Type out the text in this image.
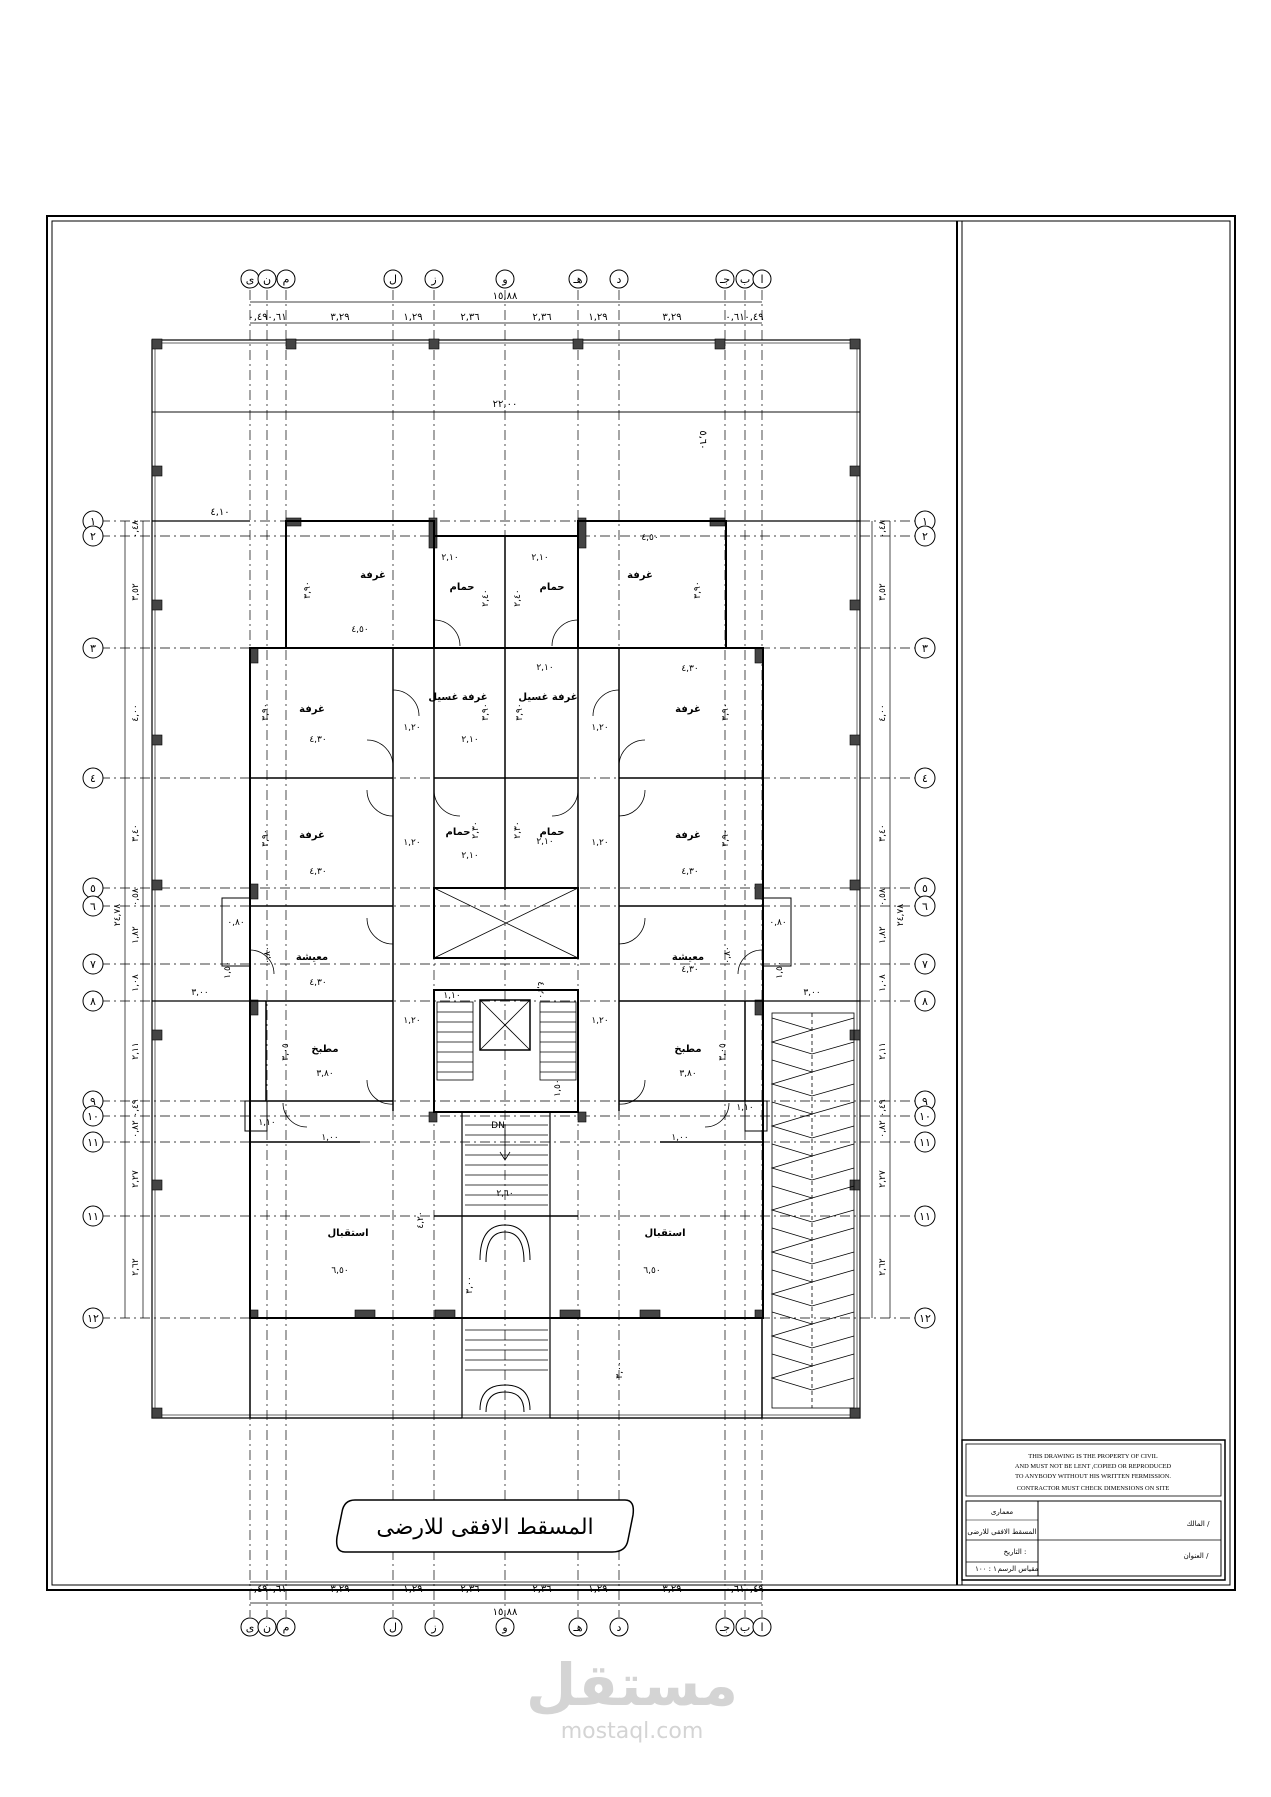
ى ن م	ل	ز	و	هـ	د	جـ ب ا
ى ن م	ل	ز	و	هـ	د	جـ ب ا
١٥,٨٨
٠,٤٩ ٠,٦١	٣,٢٩	١,٢٩	٢,٣٦	٢,٣٦	١,٢٩	٣,٢٩	٠,٦١ ٠,٤٩
٢٢,٠٠
١٥,٨٨
٠,٤٩ ٠,٦١	٣,٢٩	١,٢٩	٢,٣٦	٢,٣٦	١,٢٩	٣,٢٩	٠,٦١ ٠,٤٩
٥,٦٠
٤,١٠
١
٢
٣
٤
٥
٦
٧
٨
٩
١٠
١١
١١
١٢
١
٢
٣
٤
٥
٦
٧
٨
٩
١٠
١١
١١
١٢
٠,٤٨
٣,٥٢
٤,٠٠
٣,٤٠
٠,٥٨
١,٨٢
١,٠٨
٢,١١
٠,٤٩
٠,٨٢
٢,٢٧
٢,٦٢
٢٤,٧٨
٠,٤٨
٣,٥٢
٤,٠٠
٣,٤٠
٠,٥٨
١,٨٢
١,٠٨
٢,١١
٠,٤٩
٠,٨٢
٢,٢٧
٢,٦٢
٢٤,٧٨
غرفة	غرفة
حمام	حمام
غرفة	غرفة
غرفة غسيل	غرفة غسيل
غرفة	غرفة
حمام	حمام
معيشة	معيشة
مطبخ	مطبخ
استقبال	استقبال
٤,٥٠
٤,٥٠
٣,٩٠	٣,٩٠
٢,١٠	٢,١٠
٢,٤٠ ٢,٤٠
٤,٣٠
٤,٣٠
٣,٩٠	٣,٩٠
٢,١٠
٢,١٠
٣,٩٠	٣,٩٠
١,٢٠	١,٢٠
٤,٣٠	٤,٣٠
٣,٩٠	٣,٩٠
٢,١٠
٢,١٠
٢,٣٠	٢,٣٠
١,٢٠	١,٢٠
٤,٣٠
٤,٣٠
٠,٨٠	٠,٨٠
٠,٨٠	٠,٨٠
١,٥٠	١,٥٠
٣,٠٠	٣,٠٠
١,١٠	٤,٢٠
١,٢٠	١,٢٠
٣,٨٠	٣,٨٠
٣,٠٥	٣,٠٥
١,٥٠
١,١٠
١,١٠
١,٠٠	١,٠٠
٢,٦٠
٦,٥٠	٦,٥٠
٤,٢٠
٣,٠٠
٣,٠٠
DN
المسقط الافقى للارضى
THIS DRAWING IS THE PROPERTY OF CIVIL
AND MUST NOT BE LENT ,COPIED OR REPRODUCED
TO ANYBODY WITHOUT HIS WRITTEN FERMISSION.
CONTRACTOR MUST CHECK DIMENSIONS ON SITE
معمارى
المسقط الافقى للارضى
التاريخ :
مقياس الرسم
١ : ١٠٠
المالك /
العنوان /
مستقل
mostaql.com
